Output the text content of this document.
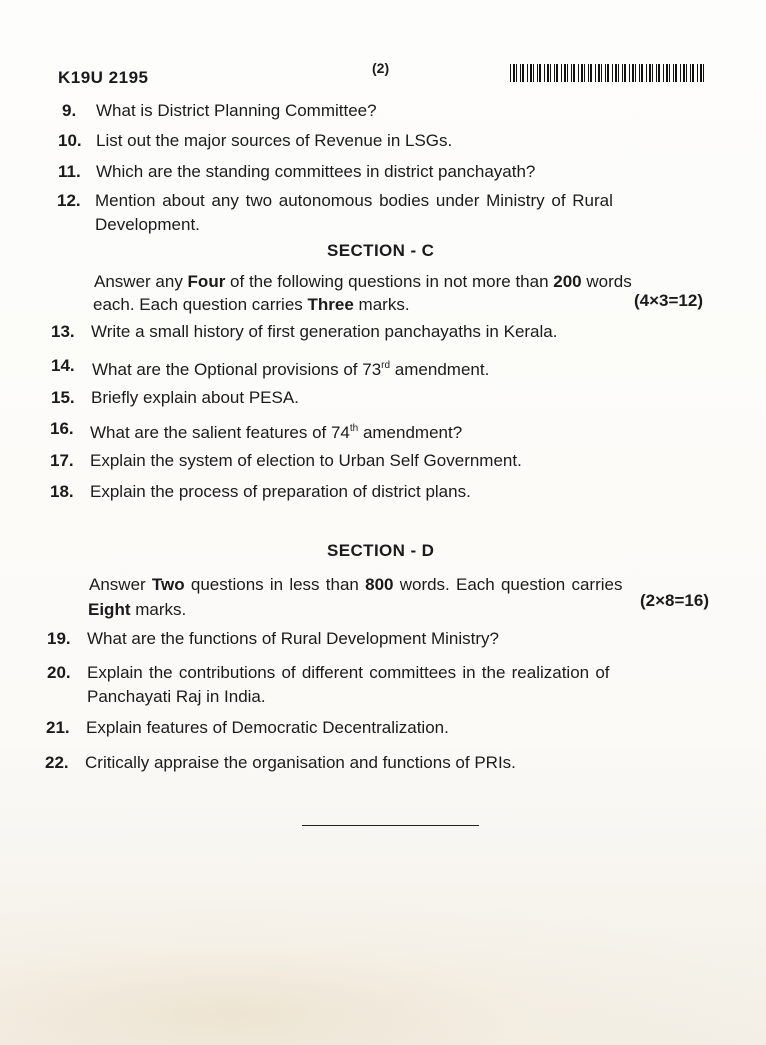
K19U 2195	(2)
9. What is District Planning Committee?
10. List out the major sources of Revenue in LSGs.
11. Which are the standing committees in district panchayath?
12. Mention about any two autonomous bodies under Ministry of Rural
Development.
SECTION - C
Answer any Four of the following questions in not more than 200 words
each. Each question carries Three marks.	(4×3=12)
13. Write a small history of first generation panchayaths in Kerala.
14. What are the Optional provisions of 73rd amendment.
15. Briefly explain about PESA.
16. What are the salient features of 74th amendment?
17. Explain the system of election to Urban Self Government.
18. Explain the process of preparation of district plans.
SECTION - D
Answer Two questions in less than 800 words. Each question carries
Eight marks.	(2×8=16)
19. What are the functions of Rural Development Ministry?
20. Explain the contributions of different committees in the realization of
Panchayati Raj in India.
21. Explain features of Democratic Decentralization.
22. Critically appraise the organisation and functions of PRIs.
